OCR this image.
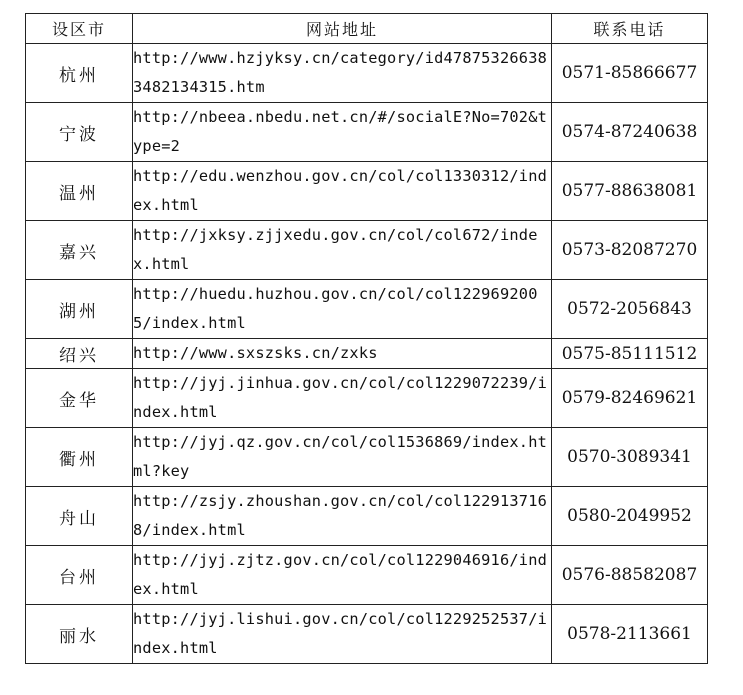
设区市	网站地址	联系电话
杭州	http://www.hzjyksy.cn/category/id478753266383482134315.htm	0571-85866677
宁波	http://nbeea.nbedu.net.cn/#/socialE?No=702&type=2	0574-87240638
温州	http://edu.wenzhou.gov.cn/col/col1330312/index.html	0577-88638081
嘉兴	http://jxksy.zjjxedu.gov.cn/col/col672/index.html	0573-82087270
湖州	http://huedu.huzhou.gov.cn/col/col1229692005/index.html	0572-2056843
绍兴	http://www.sxszsks.cn/zxks	0575-85111512
金华	http://jyj.jinhua.gov.cn/col/col1229072239/index.html	0579-82469621
衢州	http://jyj.qz.gov.cn/col/col1536869/index.html?key	0570-3089341
舟山	http://zsjy.zhoushan.gov.cn/col/col1229137168/index.html	0580-2049952
台州	http://jyj.zjtz.gov.cn/col/col1229046916/index.html	0576-88582087
丽水	http://jyj.lishui.gov.cn/col/col1229252537/index.html	0578-2113661
